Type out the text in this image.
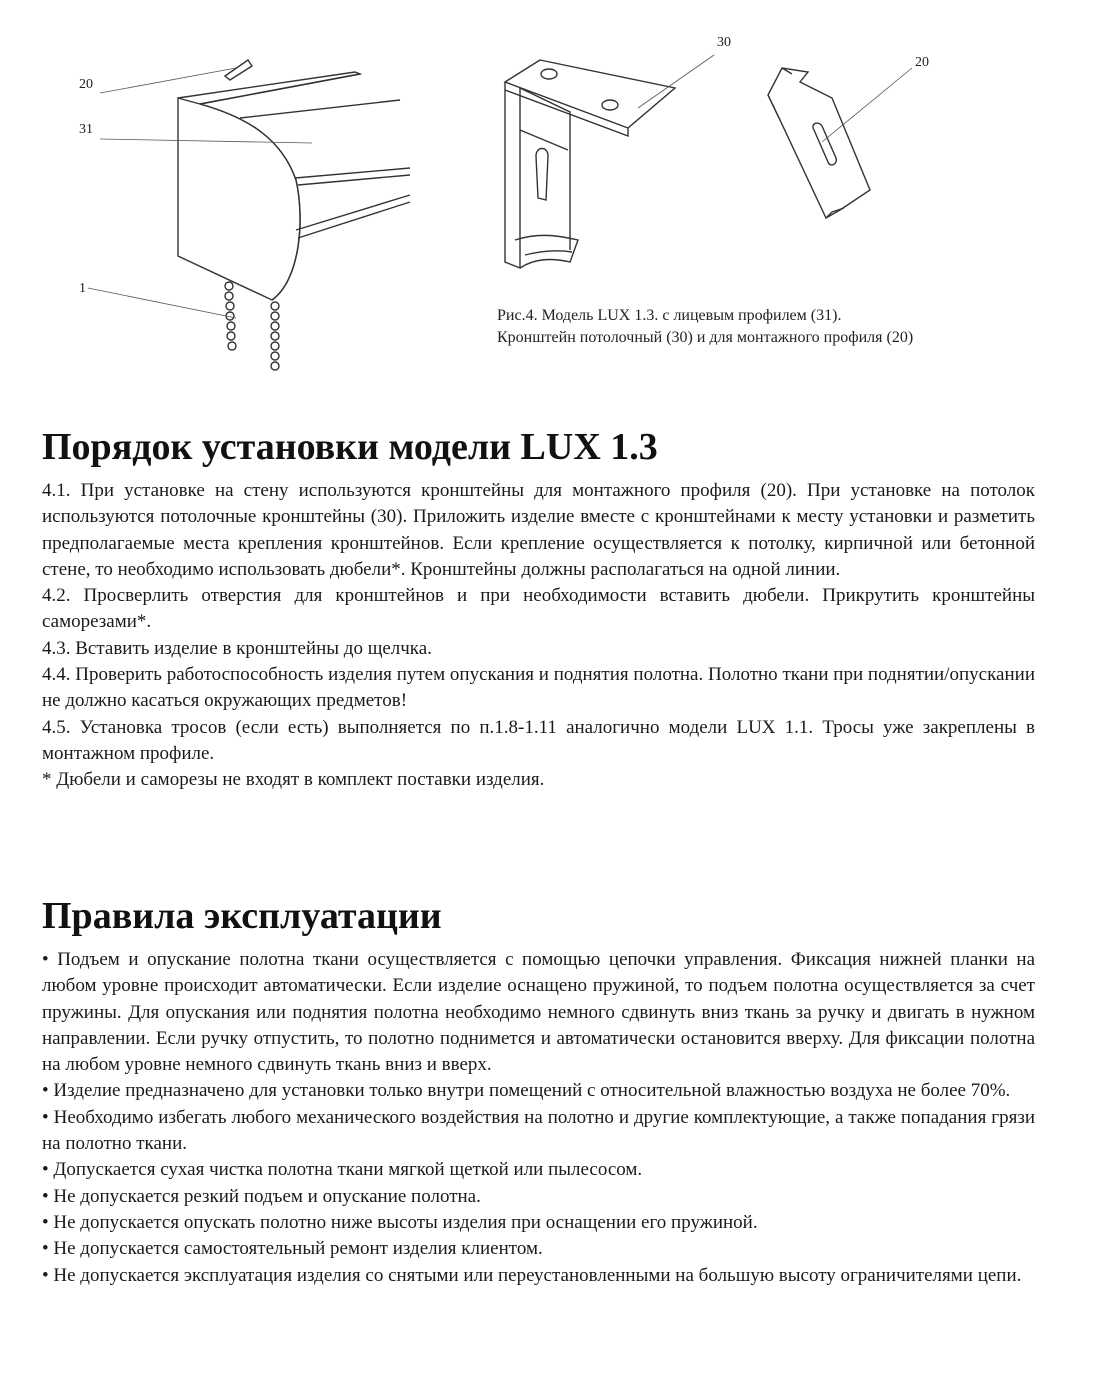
20
31
1
30
20
Рис.4. Модель LUX 1.3. с лицевым профилем (31).
Кронштейн потолочный (30) и для монтажного профиля (20)
Порядок установки модели LUX 1.3

4.1. При установке на стену используются кронштейны для монтажного профиля (20). При установке на потолок используются потолочные кронштейны (30). Приложить изделие вместе с кронштейнами к месту установки и разметить предполагаемые места крепления кронштейнов. Если крепление осуществляется к потолку, кирпичной или бетонной стене, то необходимо использовать дюбели*. Кронштейны должны располагаться на одной линии.

4.2. Просверлить отверстия для кронштейнов и при необходимости вставить дюбели. Прикрутить кронштейны саморезами*.

4.3. Вставить изделие в кронштейны до щелчка.

4.4. Проверить работоспособность изделия путем опускания и поднятия полотна. Полотно ткани при поднятии/опускании не должно касаться окружающих предметов!

4.5. Установка тросов (если есть) выполняется по п.1.8-1.11 аналогично модели LUX 1.1. Тросы уже закреплены в монтажном профиле.

* Дюбели и саморезы не входят в комплект поставки изделия.

Правила эксплуатации

• Подъем и опускание полотна ткани осуществляется с помощью цепочки управления. Фиксация нижней планки на любом уровне происходит автоматически. Если изделие оснащено пружиной, то подъем полотна осуществляется за счет пружины. Для опускания или поднятия полотна необходимо немного сдвинуть вниз ткань за ручку и двигать в нужном направлении. Если ручку отпустить, то полотно поднимется и автоматически остановится вверху. Для фиксации полотна на любом уровне немного сдвинуть ткань вниз и вверх.

• Изделие предназначено для установки только внутри помещений с относительной влажностью воздуха не более 70%.

• Необходимо избегать любого механического воздействия на полотно и другие комплектующие, а также попадания грязи на полотно ткани.

• Допускается сухая чистка полотна ткани мягкой щеткой или пылесосом.

• Не допускается резкий подъем и опускание полотна.

• Не допускается опускать полотно ниже высоты изделия при оснащении его пружиной.

• Не допускается самостоятельный ремонт изделия клиентом.

• Не допускается эксплуатация изделия со снятыми или переустановленными на большую высоту ограничителями цепи.
